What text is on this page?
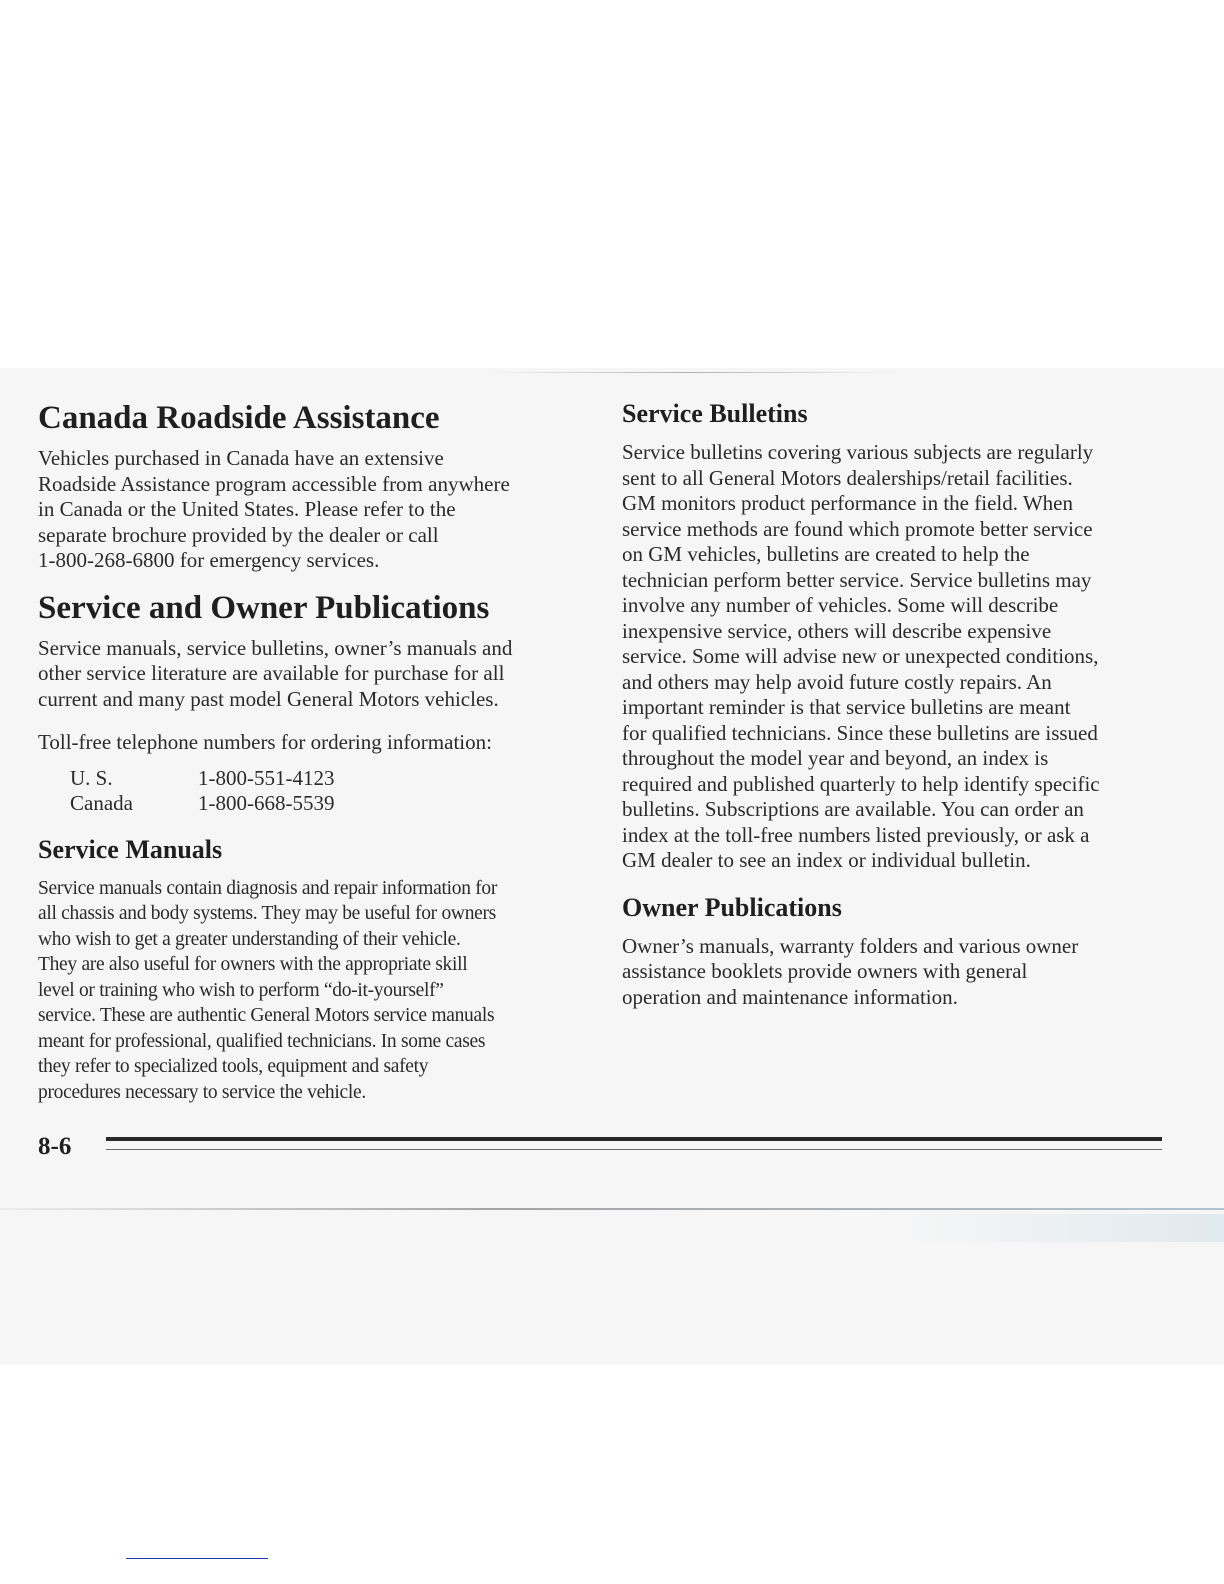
Canada Roadside Assistance

Vehicles purchased in Canada have an extensive
Roadside Assistance program accessible from anywhere
in Canada or the United States. Please refer to the
separate brochure provided by the dealer or call
1-800-268-6800 for emergency services.

Service and Owner Publications

Service manuals, service bulletins, owner’s manuals and
other service literature are available for purchase for all
current and many past model General Motors vehicles.

Toll-free telephone numbers for ordering information:

U. S.	1-800-551-4123
Canada	1-800-668-5539
Service Manuals

Service manuals contain diagnosis and repair information for
all chassis and body systems. They may be useful for owners
who wish to get a greater understanding of their vehicle.
They are also useful for owners with the appropriate skill
level or training who wish to perform “do-it-yourself”
service. These are authentic General Motors service manuals
meant for professional, qualified technicians. In some cases
they refer to specialized tools, equipment and safety
procedures necessary to service the vehicle.

Service Bulletins

Service bulletins covering various subjects are regularly
sent to all General Motors dealerships/retail facilities.
GM monitors product performance in the field. When
service methods are found which promote better service
on GM vehicles, bulletins are created to help the
technician perform better service. Service bulletins may
involve any number of vehicles. Some will describe
inexpensive service, others will describe expensive
service. Some will advise new or unexpected conditions,
and others may help avoid future costly repairs. An
important reminder is that service bulletins are meant
for qualified technicians. Since these bulletins are issued
throughout the model year and beyond, an index is
required and published quarterly to help identify specific
bulletins. Subscriptions are available. You can order an
index at the toll-free numbers listed previously, or ask a
GM dealer to see an index or individual bulletin.

Owner Publications

Owner’s manuals, warranty folders and various owner
assistance booklets provide owners with general
operation and maintenance information.

8-6
